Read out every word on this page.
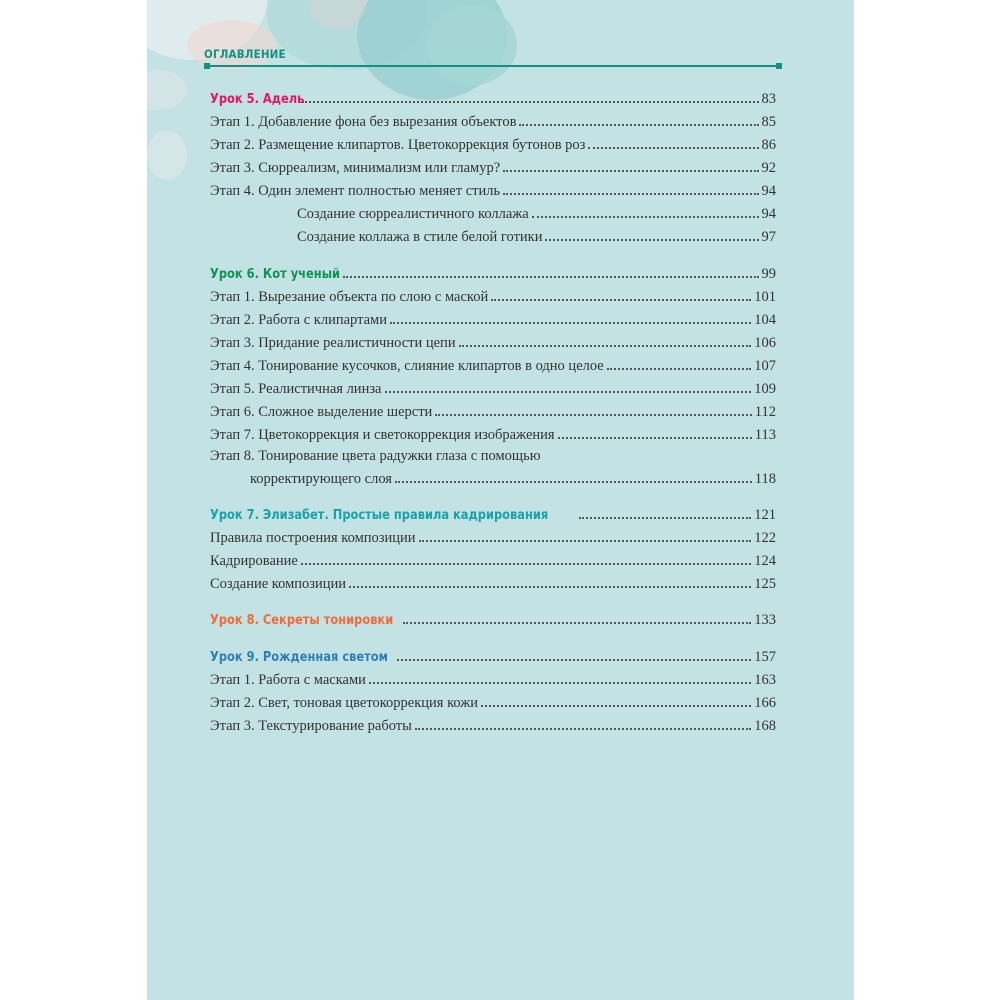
ОГЛАВЛЕНИЕ
Урок 5. Адель	83
Этап 1. Добавление фона без вырезания объектов	85
Этап 2. Размещение клипартов. Цветокоррекция бутонов роз	86
Этап 3. Сюрреализм, минимализм или гламур?	92
Этап 4. Один элемент полностью меняет стиль	94
Создание сюрреалистичного коллажа	94
Создание коллажа в стиле белой готики	97
Урок 6. Кот ученый	99
Этап 1. Вырезание объекта по слою с маской	101
Этап 2. Работа с клипартами	104
Этап 3. Придание реалистичности цепи	106
Этап 4. Тонирование кусочков, слияние клипартов в одно целое	107
Этап 5. Реалистичная линза	109
Этап 6. Сложное выделение шерсти	112
Этап 7. Цветокоррекция и светокоррекция изображения	113
Этап 8. Тонирование цвета радужки глаза с помощью
корректирующего слоя	118
Урок 7. Элизабет. Простые правила кадрирования	121
Правила построения композиции	122
Кадрирование	124
Создание композиции	125
Урок 8. Секреты тонировки	133
Урок 9. Рожденная светом	157
Этап 1. Работа с масками	163
Этап 2. Свет, тоновая цветокоррекция кожи	166
Этап 3. Текстурирование работы	168
